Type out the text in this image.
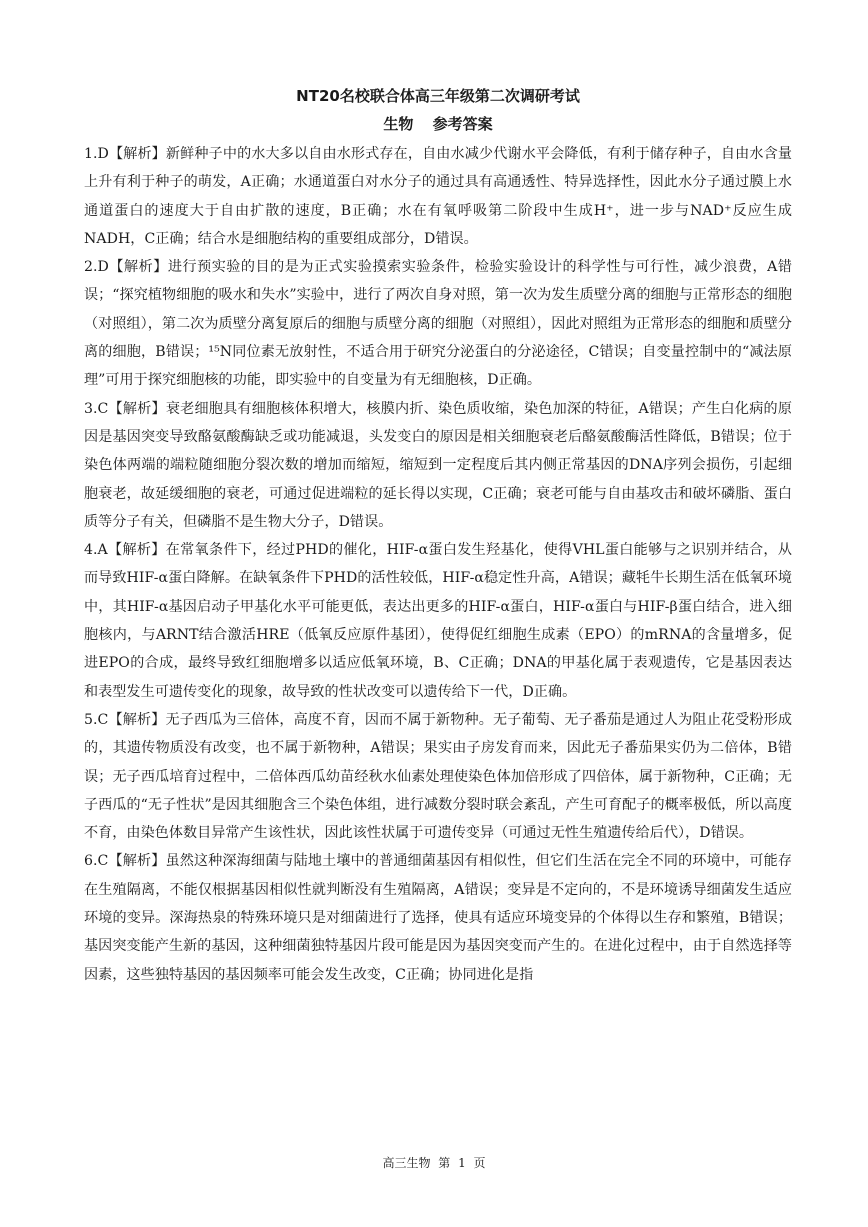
NT20名校联合体高三年级第二次调研考试
生物 参考答案

1.D【解析】新鲜种子中的水大多以自由水形式存在，自由水减少代谢水平会降低，有利于储存种子，自由水含量上升有利于种子的萌发，A正确；水通道蛋白对水分子的通过具有高通透性、特异选择性，因此水分子通过膜上水通道蛋白的速度大于自由扩散的速度，B正确；水在有氧呼吸第二阶段中生成H⁺，进一步与NAD⁺反应生成NADH，C正确；结合水是细胞结构的重要组成部分，D错误。

2.D【解析】进行预实验的目的是为正式实验摸索实验条件，检验实验设计的科学性与可行性，减少浪费，A错误；“探究植物细胞的吸水和失水”实验中，进行了两次自身对照，第一次为发生质壁分离的细胞与正常形态的细胞（对照组），第二次为质壁分离复原后的细胞与质壁分离的细胞（对照组），因此对照组为正常形态的细胞和质壁分离的细胞，B错误；¹⁵N同位素无放射性，不适合用于研究分泌蛋白的分泌途径，C错误；自变量控制中的“减法原理”可用于探究细胞核的功能，即实验中的自变量为有无细胞核，D正确。

3.C【解析】衰老细胞具有细胞核体积增大，核膜内折、染色质收缩，染色加深的特征，A错误；产生白化病的原因是基因突变导致酪氨酸酶缺乏或功能减退，头发变白的原因是相关细胞衰老后酪氨酸酶活性降低，B错误；位于染色体两端的端粒随细胞分裂次数的增加而缩短，缩短到一定程度后其内侧正常基因的DNA序列会损伤，引起细胞衰老，故延缓细胞的衰老，可通过促进端粒的延长得以实现，C正确；衰老可能与自由基攻击和破坏磷脂、蛋白质等分子有关，但磷脂不是生物大分子，D错误。

4.A【解析】在常氧条件下，经过PHD的催化，HIF-α蛋白发生羟基化，使得VHL蛋白能够与之识别并结合，从而导致HIF-α蛋白降解。在缺氧条件下PHD的活性较低，HIF-α稳定性升高，A错误；藏牦牛长期生活在低氧环境中，其HIF-α基因启动子甲基化水平可能更低，表达出更多的HIF-α蛋白，HIF-α蛋白与HIF-β蛋白结合，进入细胞核内，与ARNT结合激活HRE（低氧反应原件基团），使得促红细胞生成素（EPO）的mRNA的含量增多，促进EPO的合成，最终导致红细胞增多以适应低氧环境，B、C正确；DNA的甲基化属于表观遗传，它是基因表达和表型发生可遗传变化的现象，故导致的性状改变可以遗传给下一代，D正确。

5.C【解析】无子西瓜为三倍体，高度不育，因而不属于新物种。无子葡萄、无子番茄是通过人为阻止花受粉形成的，其遗传物质没有改变，也不属于新物种，A错误；果实由子房发育而来，因此无子番茄果实仍为二倍体，B错误；无子西瓜培育过程中，二倍体西瓜幼苗经秋水仙素处理使染色体加倍形成了四倍体，属于新物种，C正确；无子西瓜的“无子性状”是因其细胞含三个染色体组，进行减数分裂时联会紊乱，产生可育配子的概率极低，所以高度不育，由染色体数目异常产生该性状，因此该性状属于可遗传变异（可通过无性生殖遗传给后代），D错误。

6.C【解析】虽然这种深海细菌与陆地土壤中的普通细菌基因有相似性，但它们生活在完全不同的环境中，可能存在生殖隔离，不能仅根据基因相似性就判断没有生殖隔离，A错误；变异是不定向的，不是环境诱导细菌发生适应环境的变异。深海热泉的特殊环境只是对细菌进行了选择，使具有适应环境变异的个体得以生存和繁殖，B错误；基因突变能产生新的基因，这种细菌独特基因片段可能是因为基因突变而产生的。在进化过程中，由于自然选择等因素，这些独特基因的基因频率可能会发生改变，C正确；协同进化是指

高三生物 第 1 页
